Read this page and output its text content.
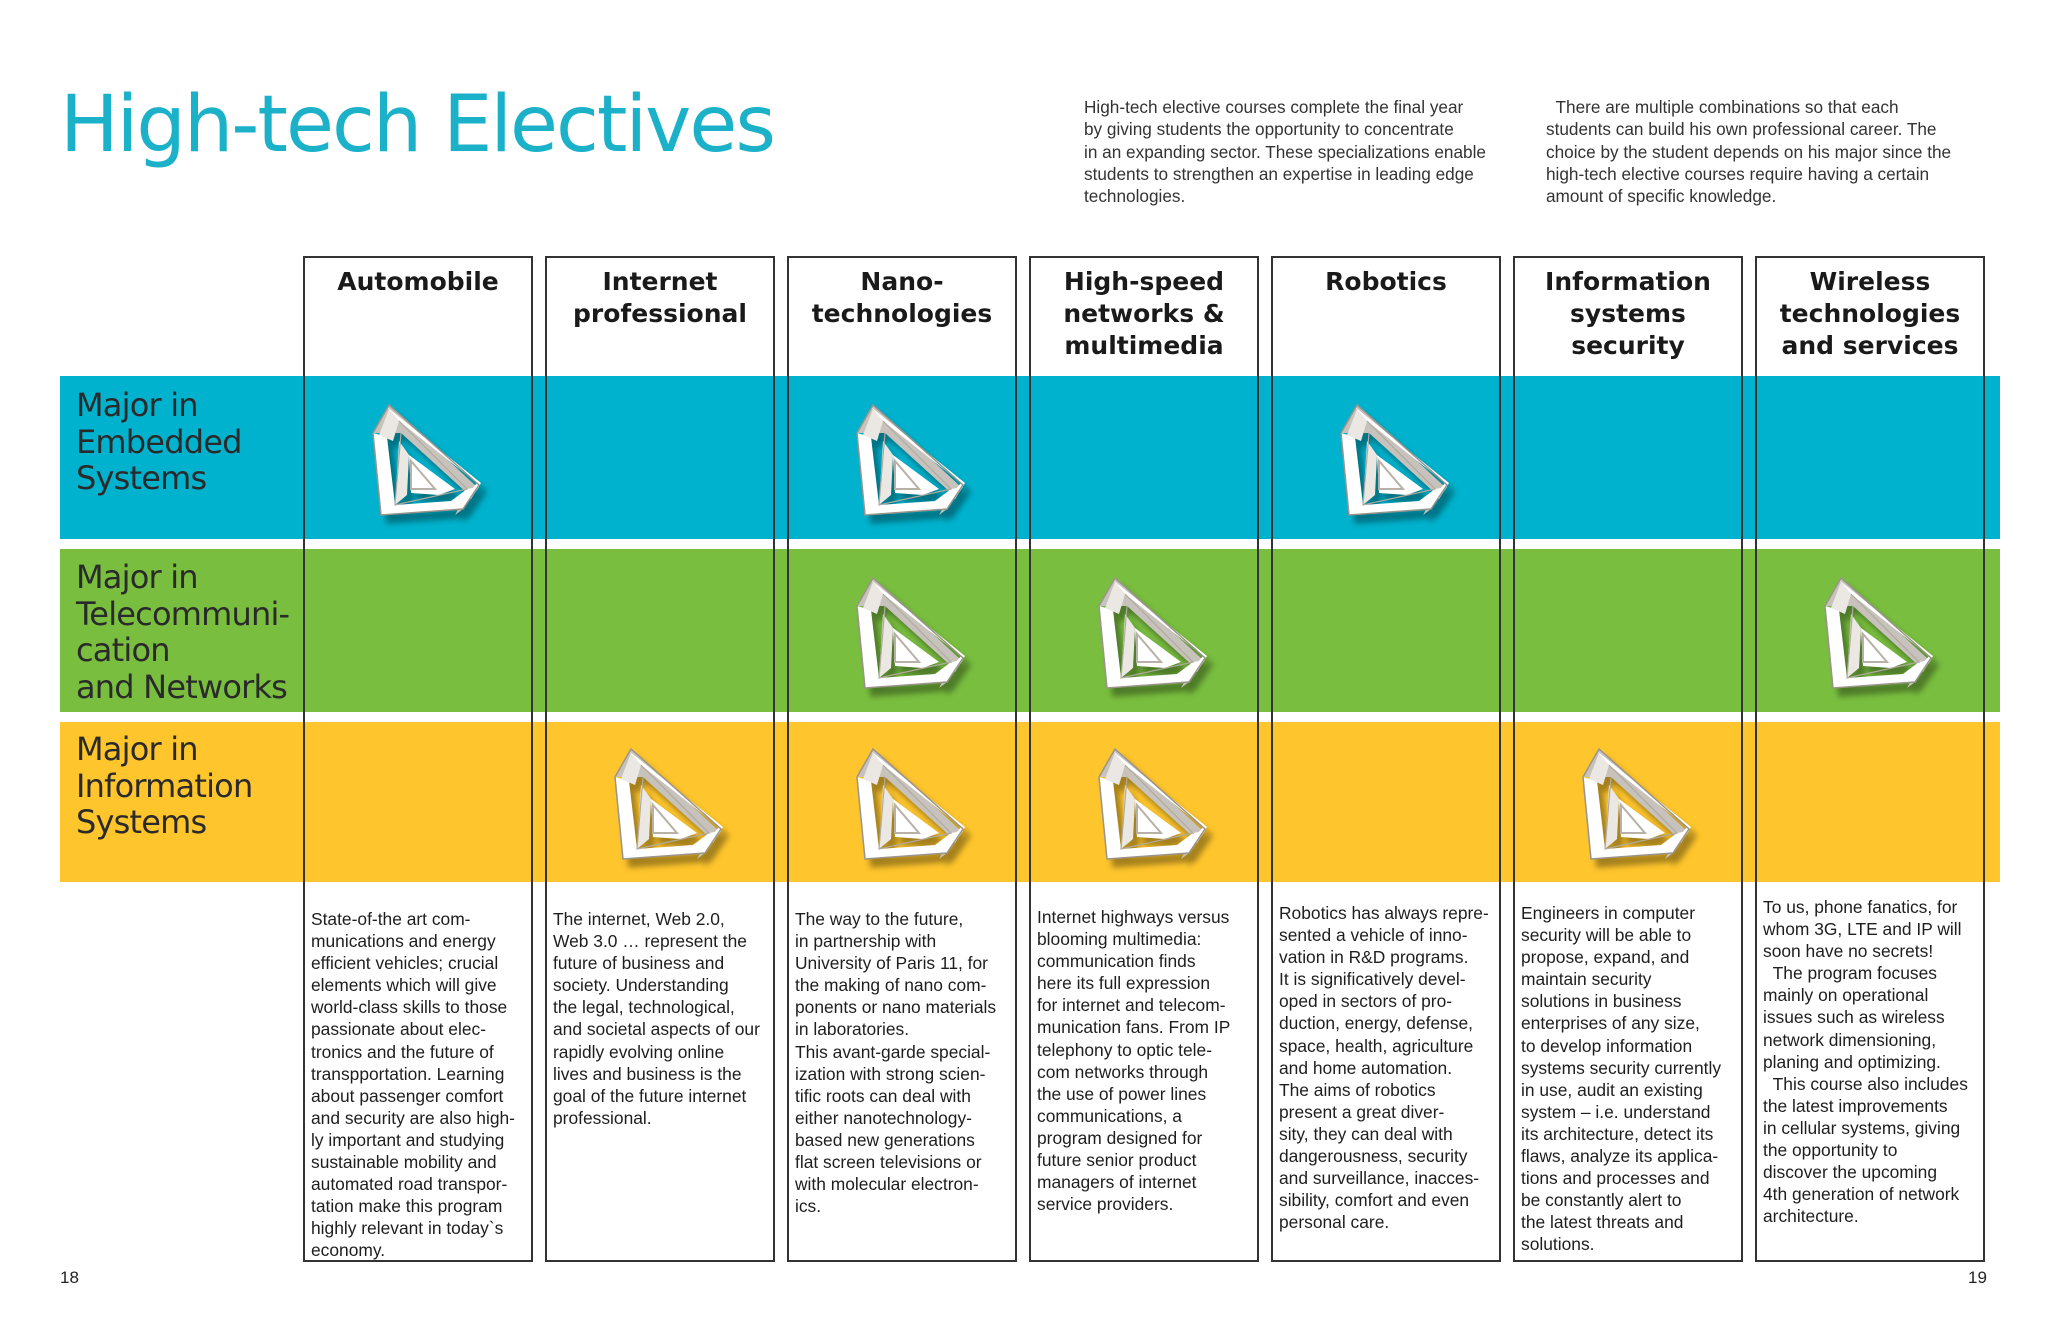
High-tech Electives	High-tech elective courses complete the final year
by giving students the opportunity to concentrate
in an expanding sector. These specializations enable
students to strengthen an expertise in leading edge
technologies.
There are multiple combinations so that each
students can build his own professional career. The
choice by the student depends on his major since the
high-tech elective courses require having a certain
amount of specific knowledge.
Major in
Embedded
Systems
Major in
Telecommuni-
cation
and Networks
Major in
Information
Systems
Automobile
State-of-the art com-
munications and energy
efficient vehicles; crucial
elements which will give
world-class skills to those
passionate about elec-
tronics and the future of
transpportation. Learning
about passenger comfort
and security are also high-
ly important and studying
sustainable mobility and
automated road transpor-
tation make this program
highly relevant in today`s
economy.
Internet
professional
The internet, Web 2.0,
Web 3.0 … represent the
future of business and
society. Understanding
the legal, technological,
and societal aspects of our
rapidly evolving online
lives and business is the
goal of the future internet
professional.
Nano-
technologies
The way to the future,
in partnership with
University of Paris 11, for
the making of nano com-
ponents or nano materials
in laboratories.
This avant-garde special-
ization with strong scien-
tific roots can deal with
either nanotechnology-
based new generations
flat screen televisions or
with molecular electron-
ics.
High-speed
networks &
multimedia
Internet highways versus
blooming multimedia:
communication finds
here its full expression
for internet and telecom-
munication fans. From IP
telephony to optic tele-
com networks through
the use of power lines
communications, a
program designed for
future senior product
managers of internet
service providers.
Robotics
Robotics has always repre-
sented a vehicle of inno-
vation in R&D programs.
It is significatively devel-
oped in sectors of pro-
duction, energy, defense,
space, health, agriculture
and home automation.
The aims of robotics
present a great diver-
sity, they can deal with
dangerousness, security
and surveillance, inacces-
sibility, comfort and even
personal care.
Information
systems
security
Engineers in computer
security will be able to
propose, expand, and
maintain security
solutions in business
enterprises of any size,
to develop information
systems security currently
in use, audit an existing
system – i.e. understand
its architecture, detect its
flaws, analyze its applica-
tions and processes and
be constantly alert to
the latest threats and
solutions.
Wireless
technologies
and services
To us, phone fanatics, for
whom 3G, LTE and IP will
soon have no secrets!
The program focuses
mainly on operational
issues such as wireless
network dimensioning,
planing and optimizing.
This course also includes
the latest improvements
in cellular systems, giving
the opportunity to
discover the upcoming
4th generation of network
architecture.
18	19
